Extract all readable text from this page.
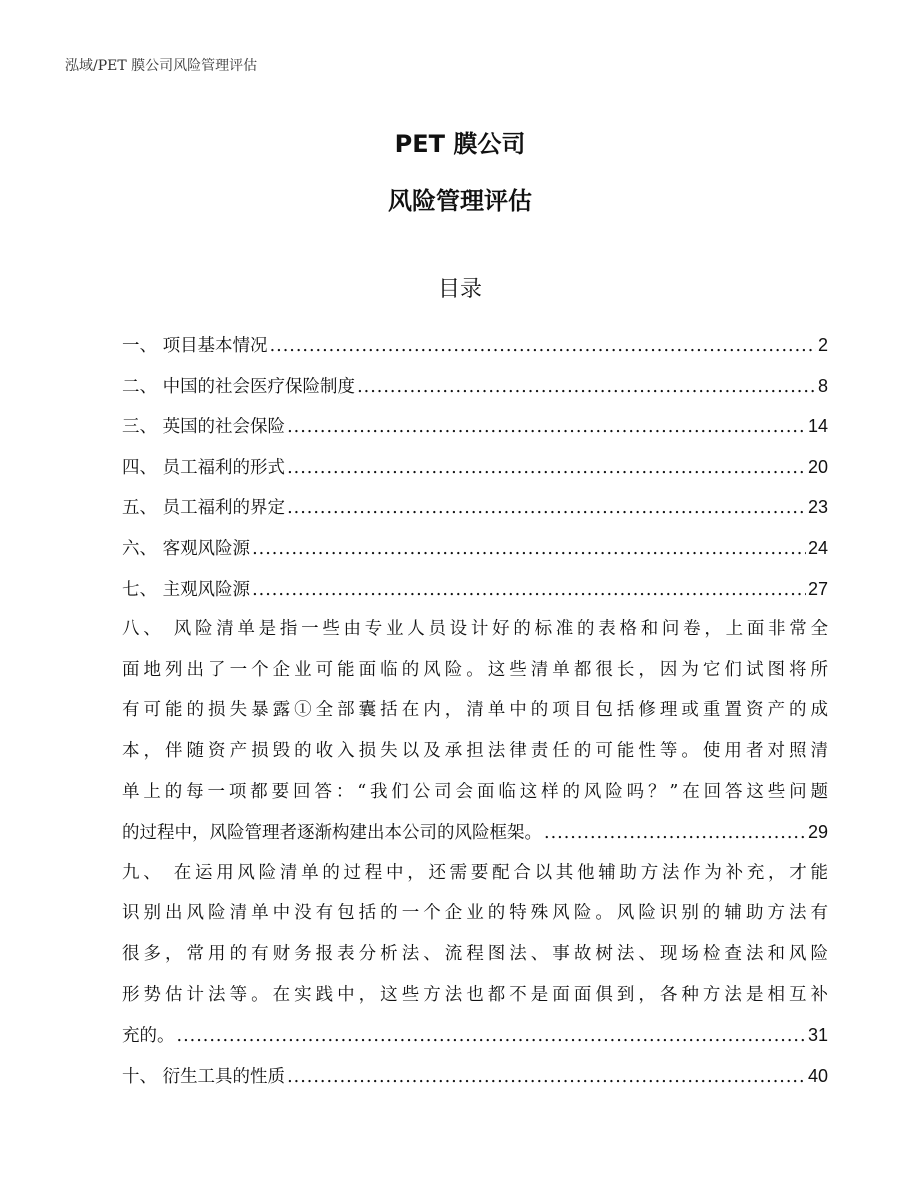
泓域/PET 膜公司风险管理评估
PET 膜公司
风险管理评估
目录
一、 项目基本情况 .....	2
二、 中国的社会医疗保险制度 .....	8
三、 英国的社会保险 .....	14
四、 员工福利的形式 .....	20
五、 员工福利的界定 .....	23
六、 客观风险源 .....	24
七、 主观风险源 .....	27
八、 风险清单是指一些由专业人员设计好的标准的表格和问卷，上面非常全
面地列出了一个企业可能面临的风险。这些清单都很长，因为它们试图将所
有可能的损失暴露①全部囊括在内，清单中的项目包括修理或重置资产的成
本，伴随资产损毁的收入损失以及承担法律责任的可能性等。使用者对照清
单上的每一项都要回答：“我们公司会面临这样的风险吗？”在回答这些问题
的过程中，风险管理者逐渐构建出本公司的风险框架。 .....	29
九、 在运用风险清单的过程中，还需要配合以其他辅助方法作为补充，才能
识别出风险清单中没有包括的一个企业的特殊风险。风险识别的辅助方法有
很多，常用的有财务报表分析法、流程图法、事故树法、现场检查法和风险
形势估计法等。在实践中，这些方法也都不是面面俱到，各种方法是相互补
充的。 .....	31
十、 衍生工具的性质 .....	40
